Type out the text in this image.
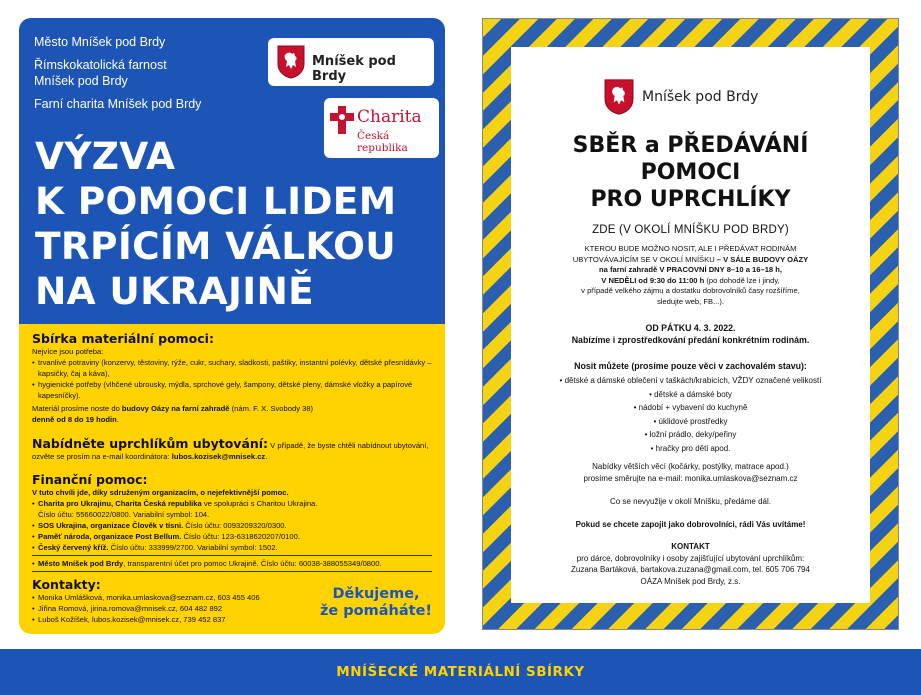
Město Mníšek pod Brdy
Římskokatolická farnost
Mníšek pod Brdy
Farní charita Mníšek pod Brdy
Mníšek pod Brdy
Charita
Česká republika
VÝZVA
K POMOCI LIDEM
TRPÍCÍM VÁLKOU
NA UKRAJINĚ
Sbírka materiální pomoci:
Nejvíce jsou potřeba:
• trvanlivé potraviny (konzervy, těstoviny, rýže, cukr, suchary, sladkosti, paštiky, instantní polévky, dětské přesnídávky – kapsičky, čaj a káva),
• hygienické potřeby (vlhčené ubrousky, mýdla, sprchové gely, šampony, dětské pleny, dámské vložky a papírové kapesníčky).
Materiál prosíme noste do budovy Oázy na farní zahradě (nám. F. X. Svobody 38)
denně od 8 do 19 hodin.
Nabídněte uprchlíkům ubytování: V případě, že byste chtěli nabídnout ubytování, ozvěte se prosím na e-mail koordinátora: lubos.kozisek@mnisek.cz.
Finanční pomoc:
V tuto chvíli jde, díky sdruženým organizacím, o nejefektivnější pomoc.
• Charita pro Ukrajinu, Charita Česká republika ve spolupráci s Charitou Ukrajina.
Číslo účtu: 55660022/0800. Variabilní symbol: 104.
• SOS Ukrajina, organizace Člověk v tísni. Číslo účtu: 0093209320/0300.
• Paměť národa, organizace Post Bellum. Číslo účtu: 123-6318620207/0100.
• Český červený kříž. Číslo účtu: 333999/2700. Variabilní symbol: 1502.
• Město Mníšek pod Brdy, transparentní účet pro pomoc Ukrajině. Číslo účtu: 60038-388055349/0800.
Kontakty:
• Monika Umlášková, monika.umlaskova@seznam.cz, 603 455 406
• Jiřina Romová, jirina.romova@mnisek.cz, 604 482 892
• Luboš Kožíšek, lubos.kozisek@mnisek.cz, 739 452 837
Děkujeme,
že pomáháte!
Mníšek pod Brdy
SBĚR a PŘEDÁVÁNÍ
POMOCI
PRO UPRCHLÍKY
ZDE (V OKOLÍ MNÍŠKU POD BRDY)
KTEROU BUDE MOŽNO NOSIT, ALE I PŘEDÁVAT RODINÁM
UBYTOVÁVAJÍCÍM SE V OKOLÍ MNÍŠKU – V SÁLE BUDOVY OÁZY
na farní zahradě V PRACOVNÍ DNY 8–10 a 16–18 h,
V NEDĚLI od 9:30 do 11:00 h (po dohodě lze i jindy,
v případě velkého zájmu a dostatku dobrovolníků časy rozšíříme,
sledujte web, FB...).
OD PÁTKU 4. 3. 2022.
Nabízíme i zprostředkování předání konkrétním rodinám.
Nosit můžete (prosíme pouze věci v zachovalém stavu):
• dětské a dámské oblečení v taškách/krabicích, VŽDY označené velikostí
• dětské a dámské boty
• nádobí + vybavení do kuchyně
• úklidové prostředky
• ložní prádlo, deky/peřiny
• hračky pro děti apod.
Nabídky větších věcí (kočárky, postýlky, matrace apod.)
prosíme směrujte na e-mail: monika.umlaskova@seznam.cz
Co se nevyužije v okolí Mníšku, předáme dál.
Pokud se chcete zapojit jako dobrovolníci, rádi Vás uvítáme!
KONTAKT
pro dárce, dobrovolníky i osoby zajišťující ubytování uprchlíkům:
Zuzana Bartáková, bartakova.zuzana@gmail.com, tel. 605 706 794
OÁZA Mníšek pod Brdy, z.s.
MNÍŠECKÉ MATERIÁLNÍ SBÍRKY
